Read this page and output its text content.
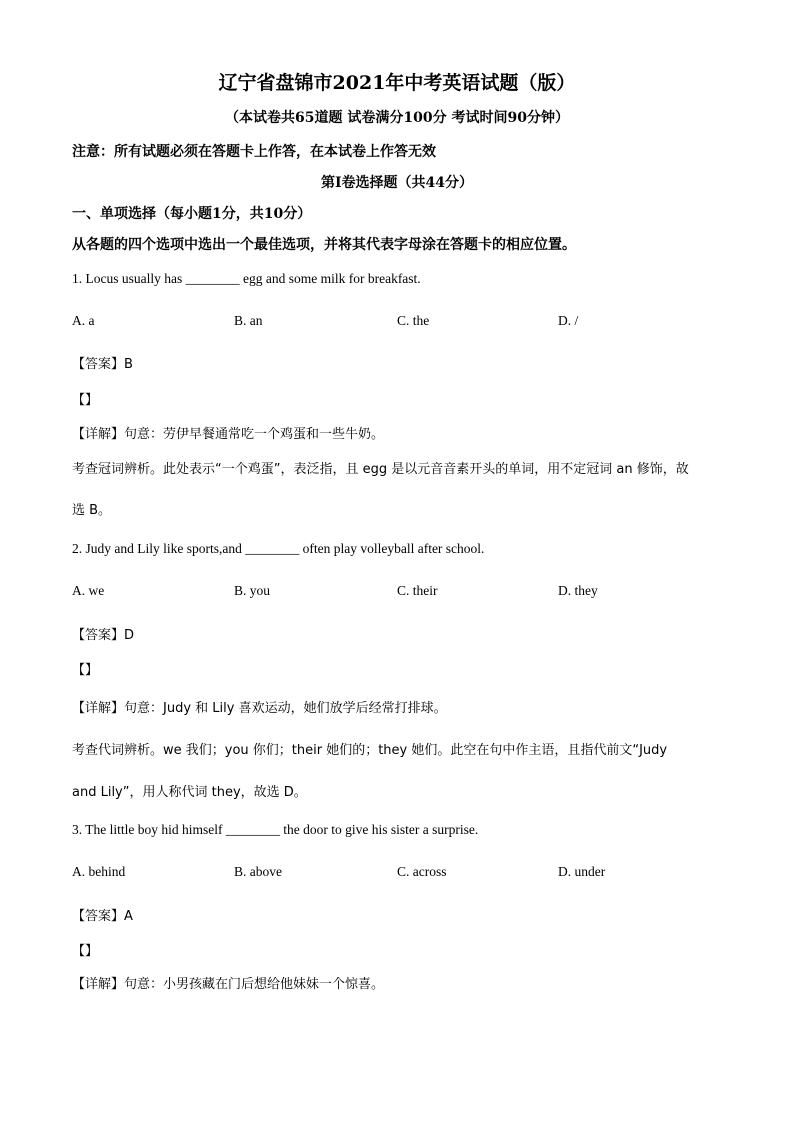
辽宁省盘锦市2021年中考英语试题（版）
（本试卷共65道题 试卷满分100分 考试时间90分钟）
注意：所有试题必须在答题卡上作答，在本试卷上作答无效
第I卷选择题（共44分）
一、单项选择（每小题1分，共10分）
从各题的四个选项中选出一个最佳选项，并将其代表字母涂在答题卡的相应位置。
1. Locus usually has ________ egg and some milk for breakfast.
A. a	B. an	C. the	D. /
【答案】B
【】
【详解】句意：劳伊早餐通常吃一个鸡蛋和一些牛奶。
考查冠词辨析。此处表示“一个鸡蛋”，表泛指，且 egg 是以元音音素开头的单词，用不定冠词 an 修饰，故
选 B。
2. Judy and Lily like sports,and ________ often play volleyball after school.
A. we	B. you	C. their	D. they
【答案】D
【】
【详解】句意：Judy 和 Lily 喜欢运动，她们放学后经常打排球。
考查代词辨析。we 我们；you 你们；their 她们的；they 她们。此空在句中作主语，且指代前文“Judy
and Lily”，用人称代词 they，故选 D。
3. The little boy hid himself ________ the door to give his sister a surprise.
A. behind	B. above	C. across	D. under
【答案】A
【】
【详解】句意：小男孩藏在门后想给他妹妹一个惊喜。
